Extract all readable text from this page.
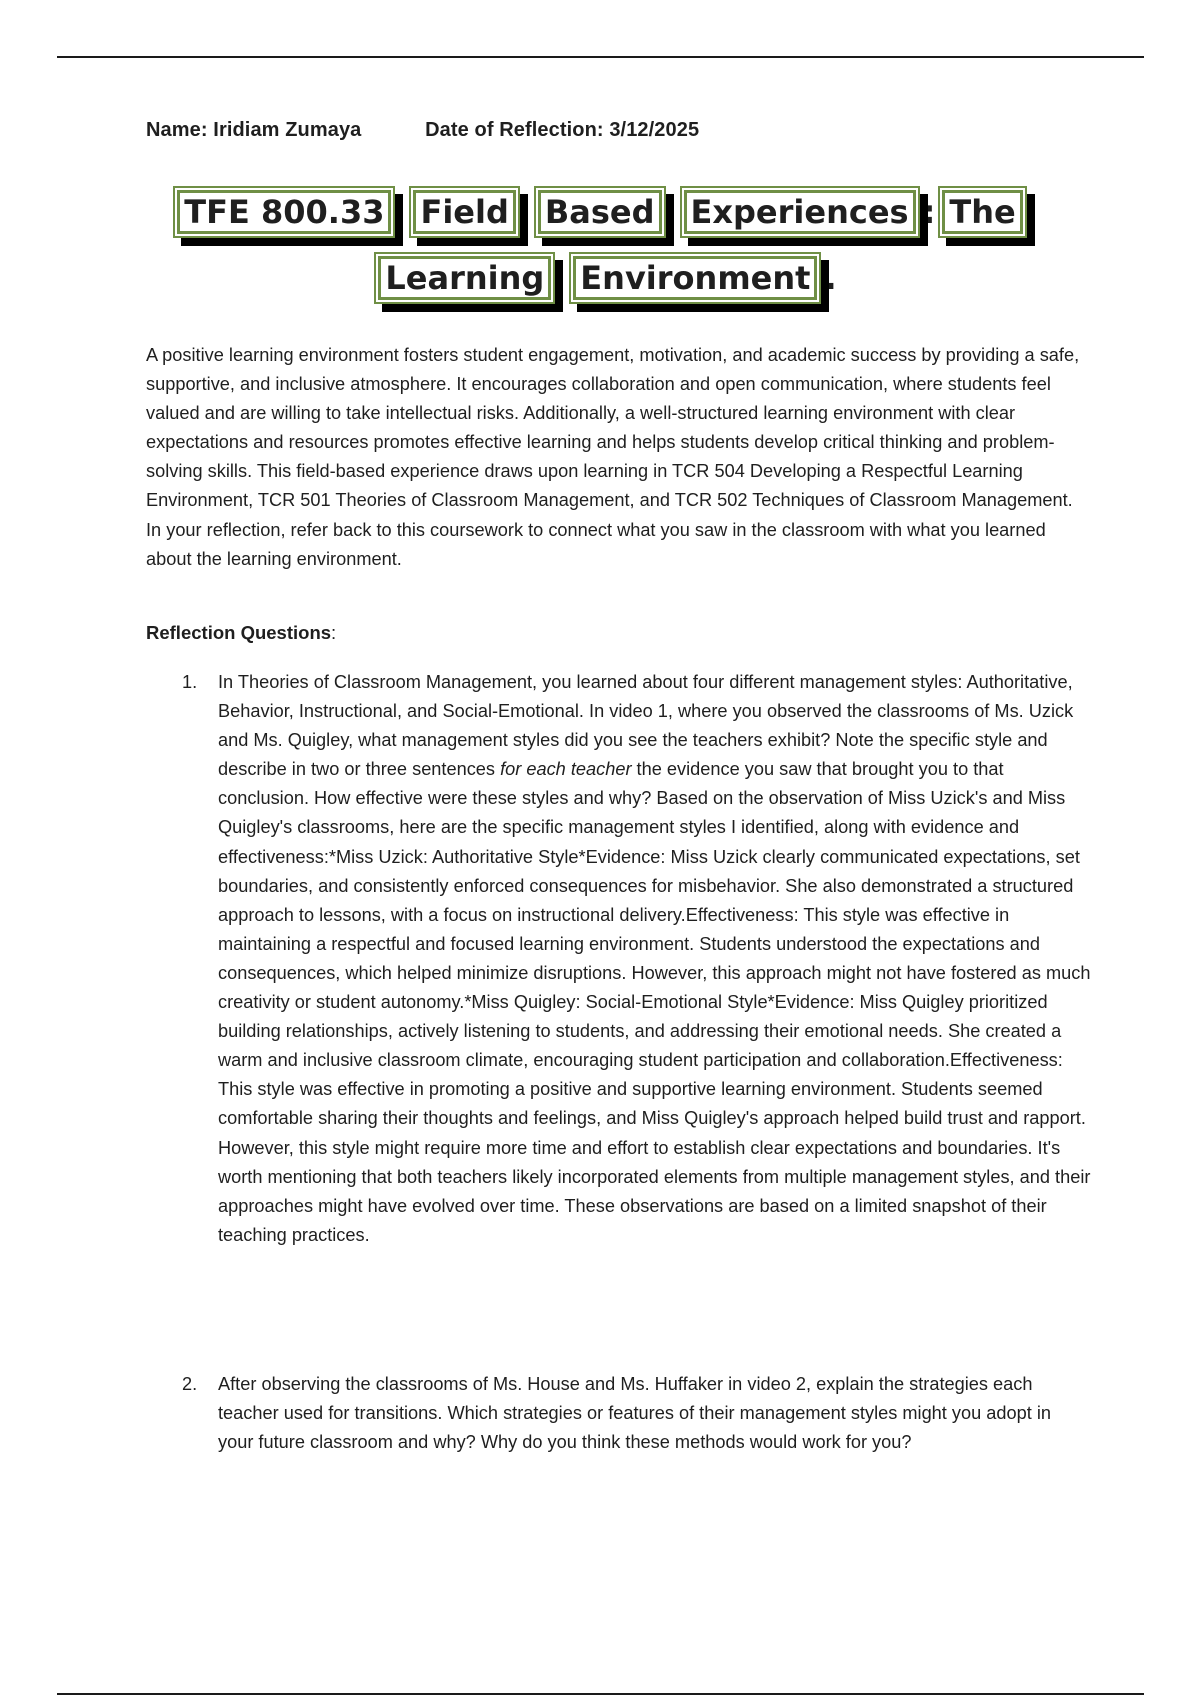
Name: Iridiam Zumaya	Date of Reflection: 3/12/2025
TFE 800.33 Field Based Experiences : The
Learning Environment .

A positive learning environment fosters student engagement, motivation, and academic success by providing a safe, supportive, and inclusive atmosphere. It encourages collaboration and open communication, where students feel valued and are willing to take intellectual risks. Additionally, a well-structured learning environment with clear expectations and resources promotes effective learning and helps students develop critical thinking and problem-solving skills. This field-based experience draws upon learning in TCR 504 Developing a Respectful Learning Environment, TCR 501 Theories of Classroom Management, and TCR 502 Techniques of Classroom Management. In your reflection, refer back to this coursework to connect what you saw in the classroom with what you learned about the learning environment.

Reflection Questions:

1. In Theories of Classroom Management, you learned about four different management styles: Authoritative, Behavior, Instructional, and Social-Emotional. In video 1, where you observed the classrooms of Ms. Uzick and Ms. Quigley, what management styles did you see the teachers exhibit? Note the specific style and describe in two or three sentences for each teacher the evidence you saw that brought you to that conclusion. How effective were these styles and why? Based on the observation of Miss Uzick's and Miss Quigley's classrooms, here are the specific management styles I identified, along with evidence and effectiveness:*Miss Uzick: Authoritative Style*Evidence: Miss Uzick clearly communicated expectations, set boundaries, and consistently enforced consequences for misbehavior. She also demonstrated a structured approach to lessons, with a focus on instructional delivery.Effectiveness: This style was effective in maintaining a respectful and focused learning environment. Students understood the expectations and consequences, which helped minimize disruptions. However, this approach might not have fostered as much creativity or student autonomy.*Miss Quigley: Social-Emotional Style*Evidence: Miss Quigley prioritized building relationships, actively listening to students, and addressing their emotional needs. She created a warm and inclusive classroom climate, encouraging student participation and collaboration.Effectiveness: This style was effective in promoting a positive and supportive learning environment. Students seemed comfortable sharing their thoughts and feelings, and Miss Quigley's approach helped build trust and rapport. However, this style might require more time and effort to establish clear expectations and boundaries. It's worth mentioning that both teachers likely incorporated elements from multiple management styles, and their approaches might have evolved over time. These observations are based on a limited snapshot of their teaching practices.
2. After observing the classrooms of Ms. House and Ms. Huffaker in video 2, explain the strategies each teacher used for transitions. Which strategies or features of their management styles might you adopt in your future classroom and why? Why do you think these methods would work for you?
